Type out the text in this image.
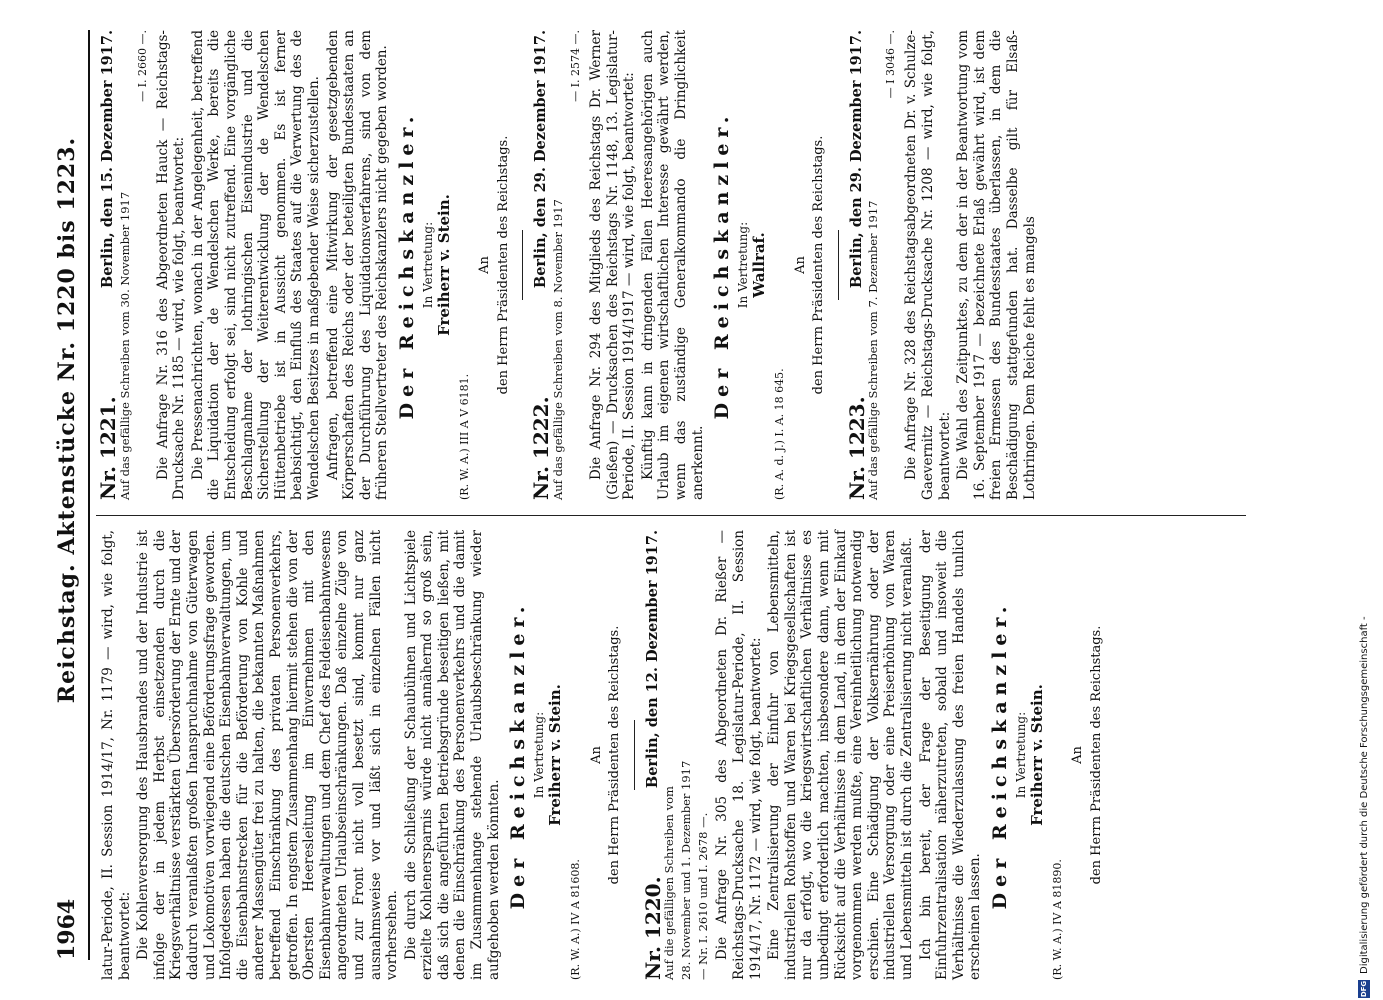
1964
Reichstag. Aktenstücke Nr. 1220 bis 1223.

latur-Periode, II. Session 1914/17, Nr. 1179 — wird, wie folgt, beantwortet: Die Kohlenversorgung des Hausbrandes und der Industrie ist infolge der in jedem Herbst einsetzenden durch die Kriegsverhältnisse verstärkten Übersörderung der Ernte und der dadurch veranlaßten großen Inanspruchnahme von Güterwagen und Lokomotiven vorwiegend eine Beförderungsfrage geworden. Infolgedessen haben die deutschen Eisenbahnverwaltungen, um die Eisenbahnstrecken für die Beförderung von Kohle und anderer Massengüter frei zu halten, die bekannten Maßnahmen betreffend Einschränkung des privaten Personenverkehrs, getroffen. In engstem Zusammenhang hiermit stehen die von der Obersten Heeresleitung im Einvernehmen mit den Eisenbahnverwaltungen und dem Chef des Feldeisenbahnwesens angeordneten Urlaubseinschränkungen. Daß einzelne Züge von und zur Front nicht voll besetzt sind, kommt nur ganz ausnahmsweise vor und läßt sich in einzelnen Fällen nicht vorhersehen. Die durch die Schließung der Schaubühnen und Lichtspiele erzielte Kohlenersparnis würde nicht annähernd so groß sein, daß sich die angeführten Betriebsgründe beseitigen ließen, mit denen die Einschränkung des Personenverkehrs und die damit im Zusammenhange stehende Urlaubsbeschränkung wieder aufgehoben werden könnten. Der Reichskanzler. In Vertretung: Freiherr v. Stein.
(R. W. A.) IV A 81608.
An den Herrn Präsidenten des Reichstags.
Nr. 1220.
Berlin, den 12. Dezember 1917.
Auf die gefälligen Schreiben vom 28. November und 1. Dezember 1917 — Nr. I. 2610 und I. 2678 —. Die Anfrage Nr. 305 des Abgeordneten Dr. Rießer — Reichstags-Drucksache 18. Legislatur-Periode, II. Session 1914/17, Nr. 1172 — wird, wie folgt, beantwortet: Eine Zentralisierung der Einfuhr von Lebensmitteln, industriellen Rohstoffen und Waren bei Kriegsgesellschaften ist nur da erfolgt, wo die kriegswirtschaftlichen Verhältnisse es unbedingt erforderlich machten, insbesondere dann, wenn mit Rücksicht auf die Verhältnisse in dem Land, in dem der Einkauf vorgenommen werden mußte, eine Vereinheitlichung notwendig erschien. Eine Schädigung der Volksernährung oder der industriellen Versorgung oder eine Preiserhöhung von Waren und Lebensmitteln ist durch die Zentralisierung nicht veranlaßt. Ich bin bereit, der Frage der Beseitigung der Einfuhrzentralisation näherzutreten, sobald und insoweit die Verhältnisse die Wiederzulassung des freien Handels tunlich erscheinen lassen.

Der Reichskanzler. In Vertretung: Freiherr v. Stein.
(R. W. A.) IV A 81890.
An den Herrn Präsidenten des Reichstags.
Nr. 1221.
Berlin, den 15. Dezember 1917.
Auf das gefällige Schreiben vom 30. November 1917
— I. 2660 —. Die Anfrage Nr. 316 des Abgeordneten Hauck — Reichstags-Drucksache Nr. 1185 — wird, wie folgt, beantwortet: Die Pressenachrichten, wonach in der Angelegenheit, betreffend die Liquidation der de Wendelschen Werke, bereits die Entscheidung erfolgt sei, sind nicht zutreffend. Eine vorgängliche Beschlagnahme der lothringischen Eisenindustrie und die Sicherstellung der Weiterentwicklung der de Wendelschen Hüttenbetriebe ist in Aussicht genommen. Es ist ferner beabsichtigt, den Einfluß des Staates auf die Verwertung des de Wendelschen Besitzes in maßgebender Weise sicherzustellen. Anfragen, betreffend eine Mitwirkung der gesetzgebenden Körperschaften des Reichs oder der beteiligten Bundesstaaten an der Durchführung des Liquidationsverfahrens, sind von dem früheren Stellvertreter des Reichskanzlers nicht gegeben worden. Der Reichskanzler. In Vertretung: Freiherr v. Stein.
(R. W. A.) III A V 6181.
An den Herrn Präsidenten des Reichstags.
Nr. 1222.
Berlin, den 29. Dezember 1917.
Auf das gefällige Schreiben vom 8. November 1917
— I. 2574 —. Die Anfrage Nr. 294 des Mitglieds des Reichstags Dr. Werner (Gießen) — Drucksachen des Reichstags Nr. 1148, 13. Legislatur-Periode, II. Session 1914/1917 — wird, wie folgt, beantwortet: Künftig kann in dringenden Fällen Heeresangehörigen auch Urlaub im eigenen wirtschaftlichen Interesse gewährt werden, wenn das zuständige Generalkommando die Dringlichkeit anerkennt.

Der Reichskanzler. In Vertretung: Wallraf.
(R. A. d. J.) I. A. 18 645.
An den Herrn Präsidenten des Reichstags.
Nr. 1223.
Berlin, den 29. Dezember 1917.
Auf das gefällige Schreiben vom 7. Dezember 1917
— I 3046 —. Die Anfrage Nr. 328 des Reichstagsabgeordneten Dr. v. Schulze-Gaevernitz — Reichstags-Drucksache Nr. 1208 — wird, wie folgt, beantwortet: Die Wahl des Zeitpunktes, zu dem der in der Beantwortung vom 16. September 1917 — bezeichnete Erlaß gewährt wird, ist dem freien Ermessen des Bundesstaates überlassen, in dem die Beschädigung stattgefunden hat. Dasselbe gilt für Elsaß-Lothringen. Dem Reiche fehlt es mangels

DFG
Digitalisierung gefördert durch die Deutsche Forschungsgemeinschaft -
